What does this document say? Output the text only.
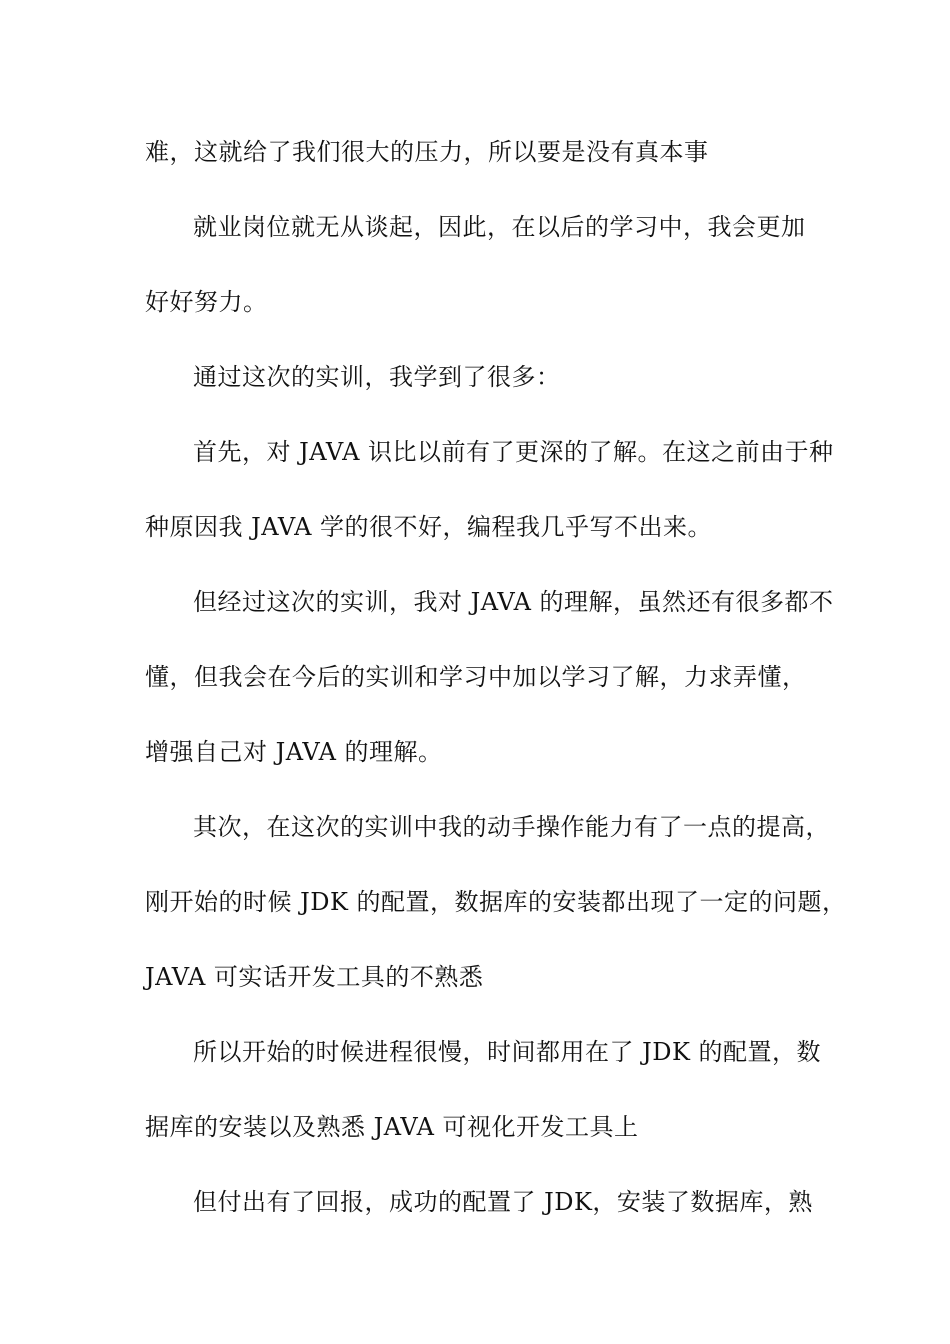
难，这就给了我们很大的压力，所以要是没有真本事
就业岗位就无从谈起，因此，在以后的学习中，我会更加
好好努力。
通过这次的实训，我学到了很多：
首先，对 JAVA 识比以前有了更深的了解。在这之前由于种
种原因我 JAVA 学的很不好，编程我几乎写不出来。
但经过这次的实训，我对 JAVA 的理解，虽然还有很多都不
懂，但我会在今后的实训和学习中加以学习了解，力求弄懂，
增强自己对 JAVA 的理解。
其次，在这次的实训中我的动手操作能力有了一点的提高，
刚开始的时候 JDK 的配置，数据库的安装都出现了一定的问题，
JAVA 可实话开发工具的不熟悉
所以开始的时候进程很慢，时间都用在了 JDK 的配置，数
据库的安装以及熟悉 JAVA 可视化开发工具上
但付出有了回报，成功的配置了 JDK，安装了数据库，熟
